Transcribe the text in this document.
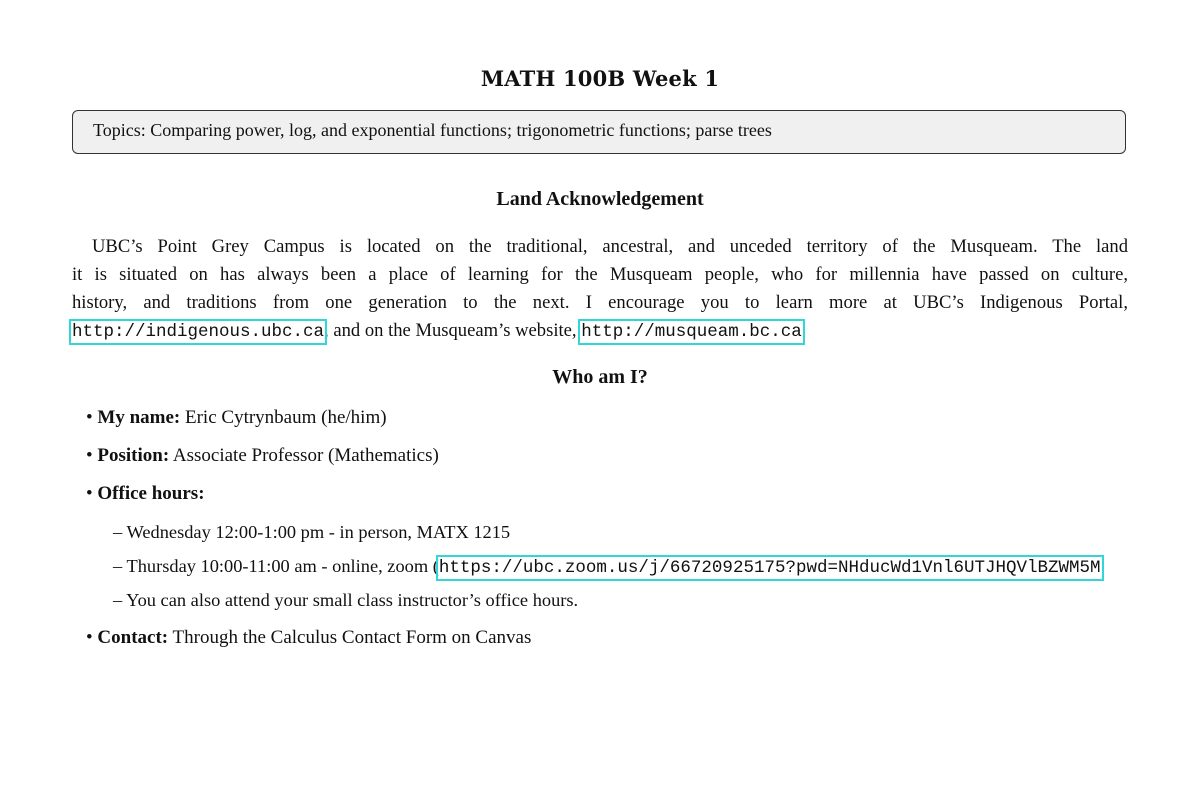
MATH 100B Week 1
Topics: Comparing power, log, and exponential functions; trigonometric functions; parse trees
Land Acknowledgement
UBC’s Point Grey Campus is located on the traditional, ancestral, and unceded territory of the Musqueam. The land
it is situated on has always been a place of learning for the Musqueam people, who for millennia have passed on culture,
history, and traditions from one generation to the next. I encourage you to learn more at UBC’s Indigenous Portal,
http://indigenous.ubc.ca, and on the Musqueam’s website, http://musqueam.bc.ca.
Who am I?
• My name: Eric Cytrynbaum (he/him)
• Position: Associate Professor (Mathematics)
• Office hours:
– Wednesday 12:00-1:00 pm - in person, MATX 1215
– Thursday 10:00-11:00 am - online, zoom (https://ubc.zoom.us/j/66720925175?pwd=NHducWd1Vnl6UTJHQVlBZWM5M
– You can also attend your small class instructor’s office hours.
• Contact: Through the Calculus Contact Form on Canvas
